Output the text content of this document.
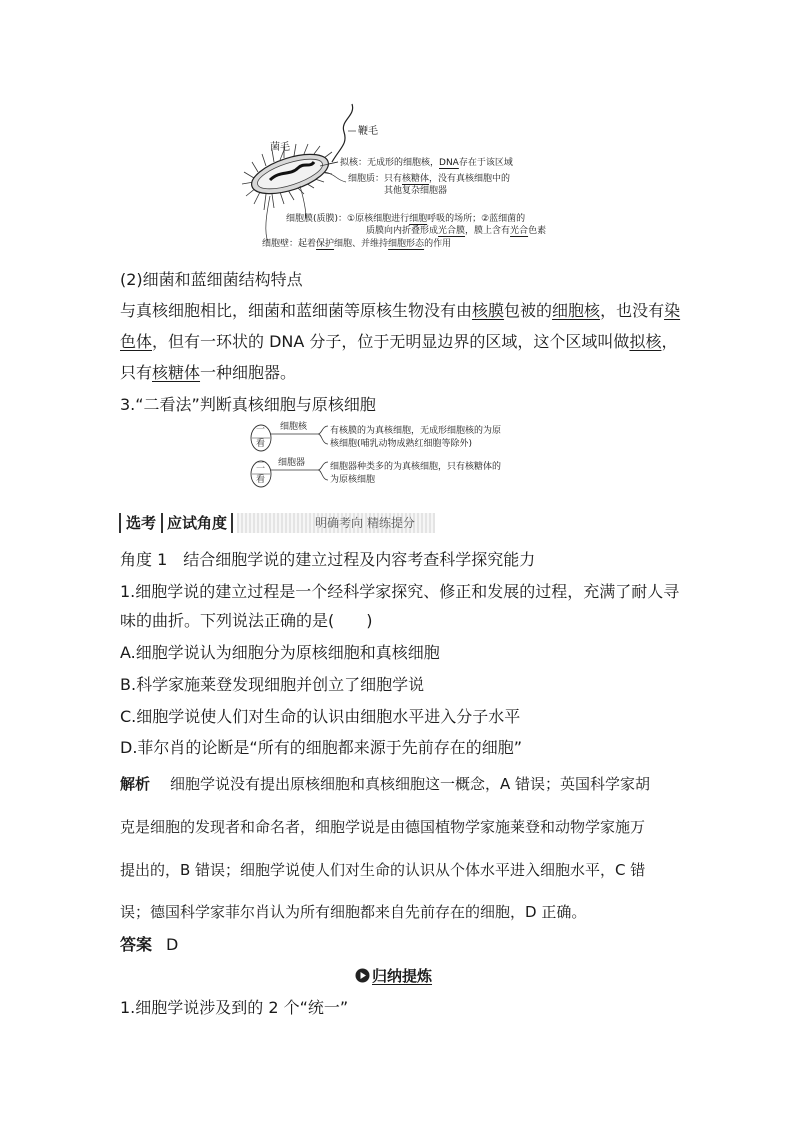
菌毛
鞭毛
拟核：无成形的细胞核，DNA存在于该区域
细胞质：只有核糖体，没有真核细胞中的
其他复杂细胞器
细胞膜(质膜)：①原核细胞进行细胞呼吸的场所；②蓝细菌的
质膜向内折叠形成光合膜，膜上含有光合色素
细胞壁：起着保护细胞、并维持细胞形态的作用
(2)细菌和蓝细菌结构特点
与真核细胞相比，细菌和蓝细菌等原核生物没有由核膜包被的细胞核，也没有染
色体，但有一环状的 DNA 分子，位于无明显边界的区域，这个区域叫做拟核，
只有核糖体一种细胞器。
3.“二看法”判断真核细胞与原核细胞
一
看
二
看
细胞核
细胞器
有核膜的为真核细胞，无成形细胞核的为原
核细胞(哺乳动物成熟红细胞等除外)
细胞器种类多的为真核细胞，只有核糖体的
为原核细胞
选考 应试角度	明确考向 精练提分
角度 1　结合细胞学说的建立过程及内容考查科学探究能力
1.细胞学说的建立过程是一个经科学家探究、修正和发展的过程，充满了耐人寻
味的曲折。下列说法正确的是(　　)
A.细胞学说认为细胞分为原核细胞和真核细胞
B.科学家施莱登发现细胞并创立了细胞学说
C.细胞学说使人们对生命的认识由细胞水平进入分子水平
D.菲尔肖的论断是“所有的细胞都来源于先前存在的细胞”
解析 细胞学说没有提出原核细胞和真核细胞这一概念，A 错误；英国科学家胡
克是细胞的发现者和命名者，细胞学说是由德国植物学家施莱登和动物学家施万
提出的，B 错误；细胞学说使人们对生命的认识从个体水平进入细胞水平，C 错
误；德国科学家菲尔肖认为所有细胞都来自先前存在的细胞，D 正确。
答案 D
归纳提炼
1.细胞学说涉及到的 2 个“统一”
